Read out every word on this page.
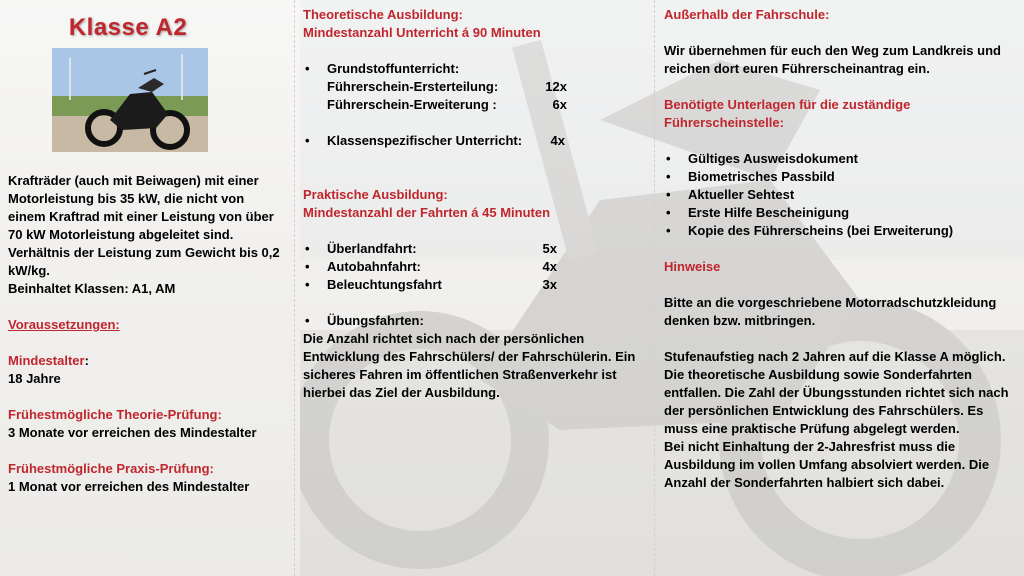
Klasse A2
Krafträder (auch mit Beiwagen) mit einer Motorleistung bis 35 kW, die nicht von einem Kraftrad mit einer Leistung von über 70 kW Motorleistung abgeleitet sind. Verhältnis der Leistung zum Gewicht bis 0,2 kW/kg.
Beinhaltet Klassen: A1, AM
Voraussetzungen:
Mindestalter:
18 Jahre
Frühestmögliche Theorie-Prüfung:
3 Monate vor erreichen des Mindestalter
Frühestmögliche Praxis-Prüfung:
1 Monat vor erreichen des Mindestalter
Theoretische Ausbildung:
Mindestanzahl Unterricht á 90 Minuten
• Grundstoffunterricht:
Führerschein-Ersterteilung:	12x
Führerschein-Erweiterung :	6x
• Klassenspezifischer Unterricht: 4x
Praktische Ausbildung:
Mindestanzahl der Fahrten á 45 Minuten
• Überlandfahrt:	5x
• Autobahnfahrt:	4x
• Beleuchtungsfahrt	3x
• Übungsfahrten:
Die Anzahl richtet sich nach der persönlichen Entwicklung des Fahrschülers/ der Fahrschülerin. Ein sicheres Fahren im öffentlichen Straßenverkehr ist hierbei das Ziel der Ausbildung.
Außerhalb der Fahrschule:
Wir übernehmen für euch den Weg zum Landkreis und reichen dort euren Führerscheinantrag ein.
Benötigte Unterlagen für die zuständige Führerscheinstelle:
• Gültiges Ausweisdokument
• Biometrisches Passbild
• Aktueller Sehtest
• Erste Hilfe Bescheinigung
• Kopie des Führerscheins (bei Erweiterung)
Hinweise
Bitte an die vorgeschriebene Motorradschutzkleidung denken bzw. mitbringen.
Stufenaufstieg nach 2 Jahren auf die Klasse A möglich. Die theoretische Ausbildung sowie Sonderfahrten entfallen. Die Zahl der Übungsstunden richtet sich nach der persönlichen Entwicklung des Fahrschülers. Es muss eine praktische Prüfung abgelegt werden.
Bei nicht Einhaltung der 2-Jahresfrist muss die Ausbildung im vollen Umfang absolviert werden. Die Anzahl der Sonderfahrten halbiert sich dabei.
